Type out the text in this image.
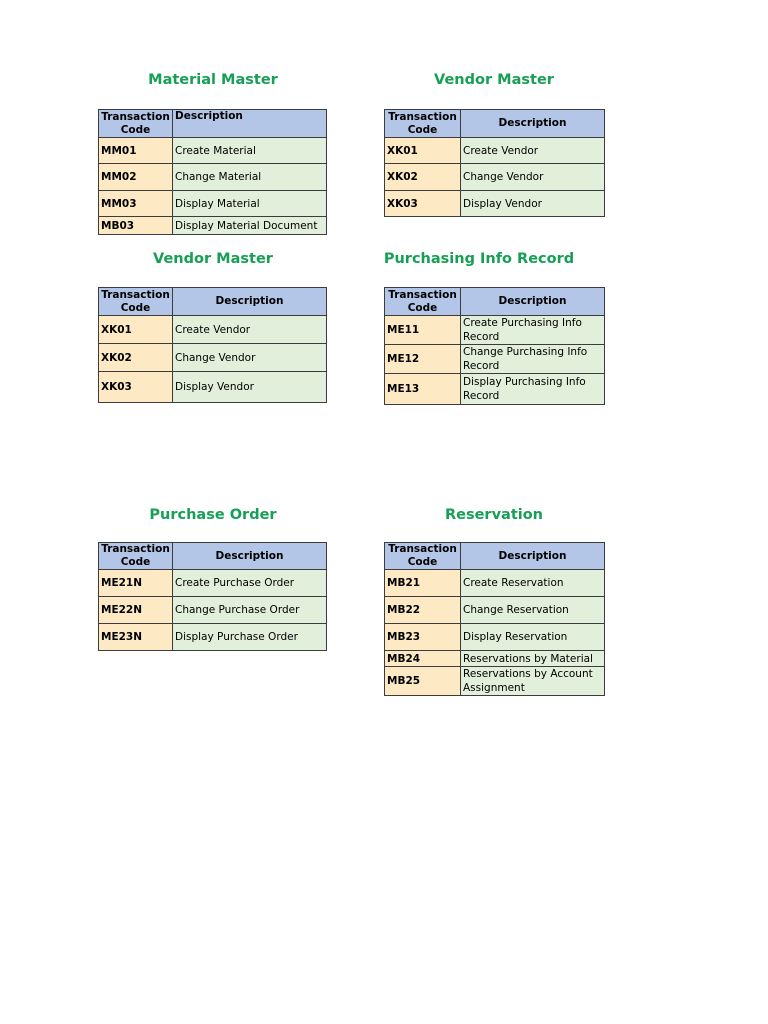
Material Master
Transaction Code	Description
MM01	Create Material
MM02	Change Material
MM03	Display Material
MB03	Display Material Document
Vendor Master
Transaction Code	Description
XK01	Create Vendor
XK02	Change Vendor
XK03	Display Vendor
Vendor Master
Transaction Code	Description
XK01	Create Vendor
XK02	Change Vendor
XK03	Display Vendor
Purchasing Info Record
Transaction Code	Description
ME11	Create Purchasing Info Record
ME12	Change Purchasing Info Record
ME13	Display Purchasing Info Record
Purchase Order
Transaction Code	Description
ME21N	Create Purchase Order
ME22N	Change Purchase Order
ME23N	Display Purchase Order
Reservation
Transaction Code	Description
MB21	Create Reservation
MB22	Change Reservation
MB23	Display Reservation
MB24	Reservations by Material
MB25	Reservations by Account Assignment
